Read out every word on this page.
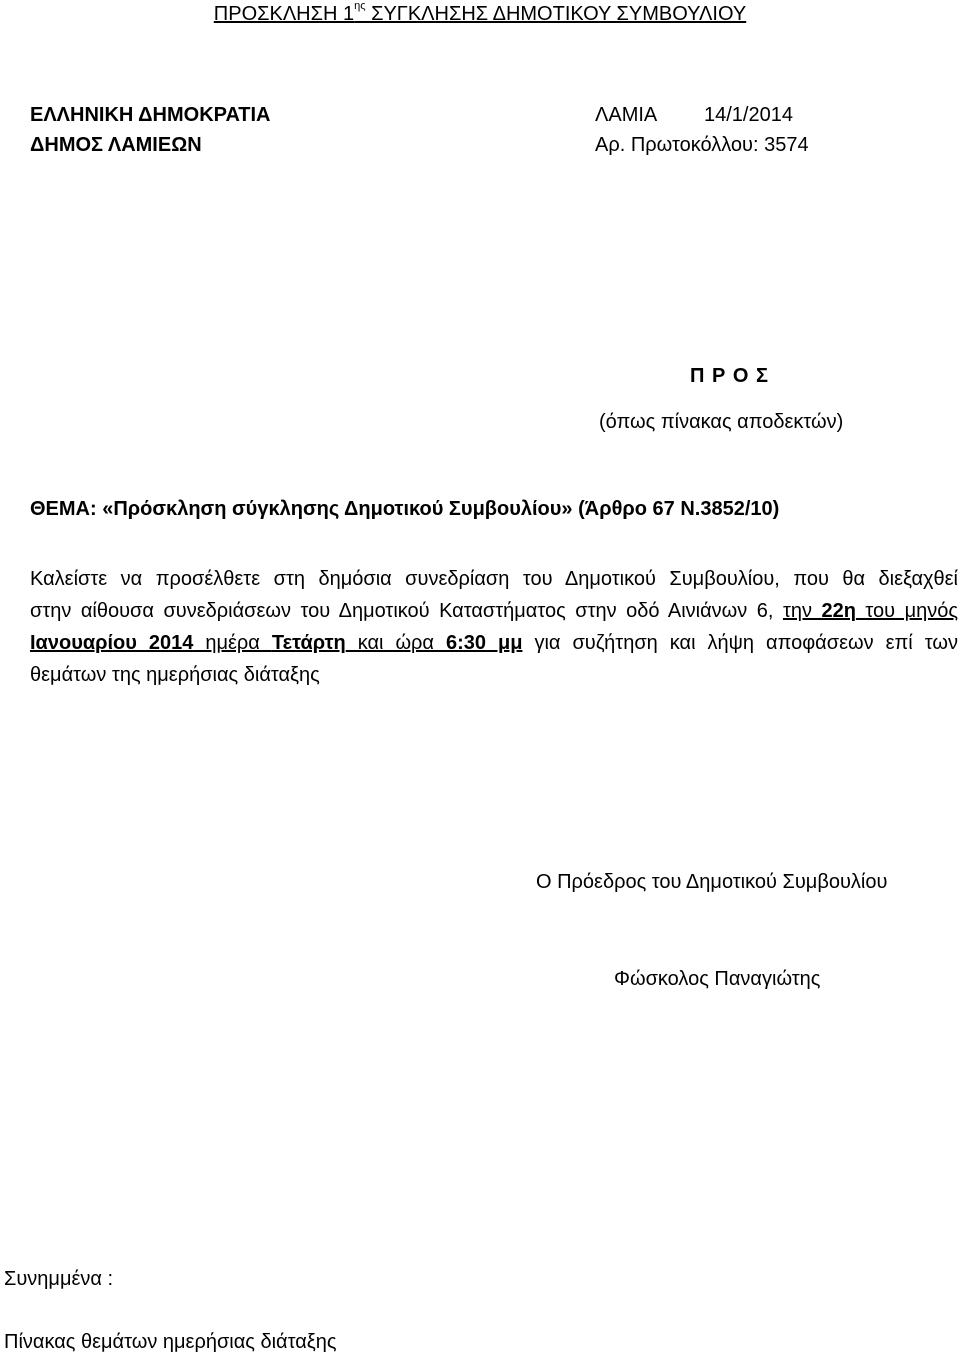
ΠΡΟΣΚΛΗΣΗ $1^{\eta\varsigma}$ ΣΥΓΚΛΗΣΗΣ ΔΗΜΟΤΙΚΟΥ ΣΥΜΒΟΥΛΙΟΥ
ΕΛΛΗΝΙΚΗ ΔΗΜΟΚΡΑΤΙΑ
ΔΗΜΟΣ ΛΑΜΙΕΩΝ
ΛΑΜΙΑ 14/1/2014
Αρ. Πρωτοκόλλου: 3574
Π Ρ Ο Σ
(όπως πίνακας αποδεκτών)
ΘΕΜΑ: «Πρόσκληση σύγκλησης Δημοτικού Συμβουλίου» (Άρθρο 67 Ν.3852/10)
Καλείστε να προσέλθετε στη δημόσια συνεδρίαση του Δημοτικού Συμβουλίου, που θα διεξαχθεί
στην αίθουσα συνεδριάσεων του Δημοτικού Καταστήματος στην οδό Αινιάνων 6, την 22η του μηνός
Ιανουαρίου 2014 ημέρα Τετάρτη και ώρα 6:30 μμ για συζήτηση και λήψη αποφάσεων επί των
θεμάτων της ημερήσιας διάταξης
Ο Πρόεδρος του Δημοτικού Συμβουλίου
Φώσκολος Παναγιώτης
Συνημμένα :
Πίνακας θεμάτων ημερήσιας διάταξης
